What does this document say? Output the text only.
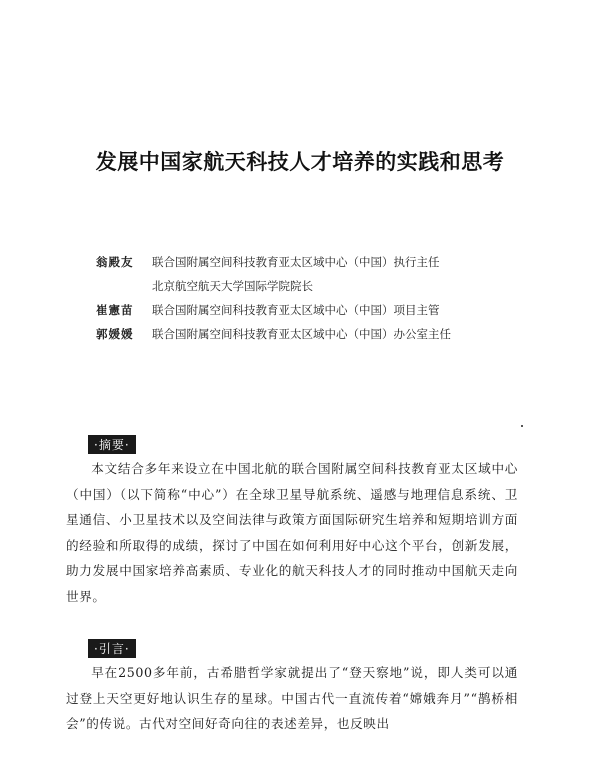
发展中国家航天科技人才培养的实践和思考
翁殿友	联合国附属空间科技教育亚太区域中心（中国）执行主任
北京航空航天大学国际学院院长
崔憲苗	联合国附属空间科技教育亚太区域中心（中国）项目主管
郭媛媛	联合国附属空间科技教育亚太区域中心（中国）办公室主任
·摘要·

本文结合多年来设立在中国北航的联合国附属空间科技教育亚太区域中心（中国）（以下简称“中心”）在全球卫星导航系统、遥感与地理信息系统、卫星通信、小卫星技术以及空间法律与政策方面国际研究生培养和短期培训方面的经验和所取得的成绩，探讨了中国在如何利用好中心这个平台，创新发展，助力发展中国家培养高素质、专业化的航天科技人才的同时推动中国航天走向世界。

·引言·

早在2500多年前，古希腊哲学家就提出了“登天察地”说，即人类可以通过登上天空更好地认识生存的星球。中国古代一直流传着“嫦娥奔月”“鹊桥相会”的传说。古代对空间好奇向往的表述差异，也反映出
